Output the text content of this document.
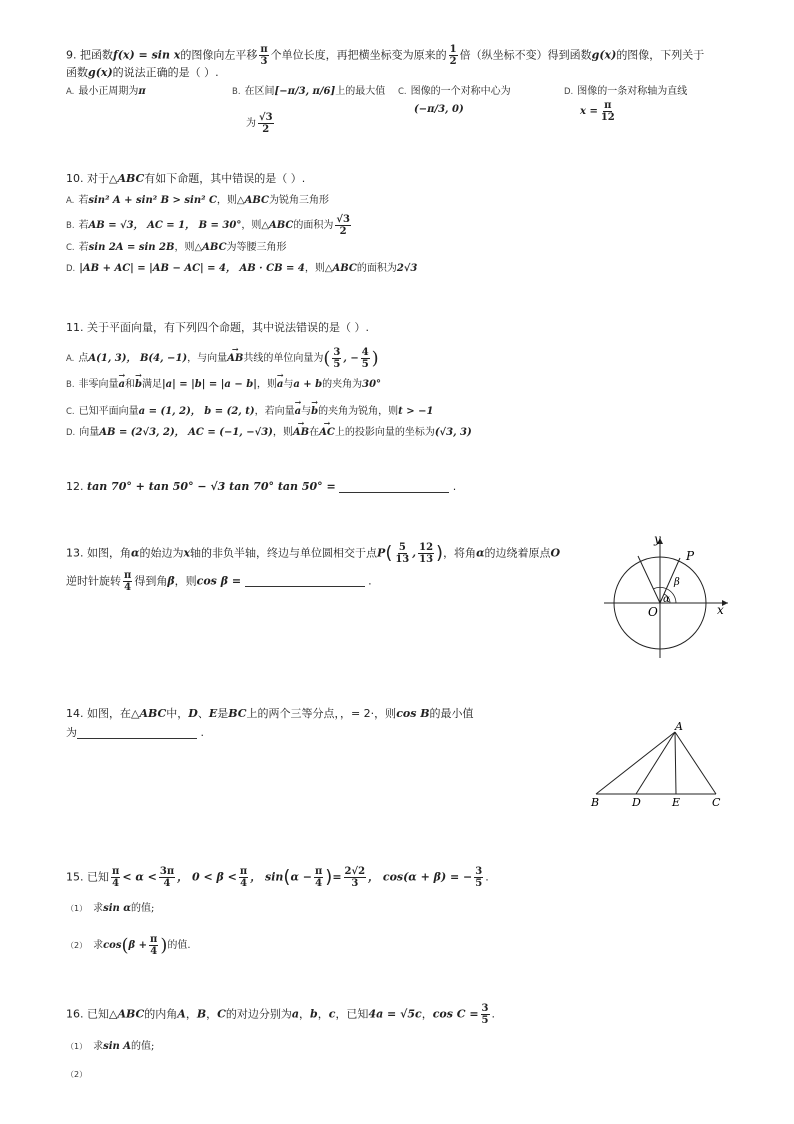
9. 把函数f(x) = sin x的图像向左平移 $\frac{\pi}{3}$ 个单位长度，再把横坐标变为原来的 $\frac{1}{2}$ 倍（纵坐标不变）得到函数g(x)的图像，下列关于
函数g(x)的说法正确的是（ ）.
A. 最小正周期为π	B. 在区间[−π/3, π/6]上的最大值
为 $\frac{√3}{2}$
C. 图像的一个对称中心为
(−π/3, 0)
D. 图像的一条对称轴为直线
$x = \frac{\pi}{12}$
10. 对于△ABC有如下命题，其中错误的是（ ）.
A. 若sin² A + sin² B > sin² C，则△ABC为锐角三角形
B. 若AB = √3， AC = 1， B = 30°，则△ABC的面积为 $\frac{√3}{2}$
C. 若sin 2A = sin 2B，则△ABC为等腰三角形
D. |AB + AC| = |AB − AC| = 4， AB · CB = 4，则△ABC的面积为2√3
11. 关于平面向量，有下列四个命题，其中说法错误的是（ ）.
A. 点A(1, 3)， B(4, −1)，与向量→ AB共线的单位向量为( $\frac{3}{5}$ , − $\frac{4}{5}$ )
B. 非零向量→ a和→ b满足|a| = |b| = |a − b|，则→ a与a + b的夹角为30°
C. 已知平面向量a = (1, 2)， b = (2, t)，若向量→ a与→ b的夹角为锐角，则t > −1
D. 向量AB = (2√3, 2)， AC = (−1, −√3)，则→ AB在→ AC上的投影向量的坐标为(√3, 3)
12. tan 70° + tan 50° − √3 tan 70° tan 50° =	.
13. 如图，角α的始边为x轴的非负半轴，终边与单位圆相交于点$P( \frac{5}{13}$ , $\frac{12}{13}$ )，将角α的边绕着原点O
逆时针旋转 $\frac{\pi}{4}$ 得到角β，则cos β =	.
y
x
O
P
α
β
14. 如图，在△ABC中，D、E是BC上的两个三等分点，，= 2·，则cos B的最小值
为	.	A
B	D	E	C
15. 已知 $\frac{\pi}{4} < \alpha < \frac{3\pi}{4}$ ， $0 < \beta < \frac{\pi}{4}$ ， $\sin(\alpha - \frac{\pi}{4}$ )= $\frac{2√2}{3}$ ， cos(α + β) = − $\frac{3}{5}$ .
（1） 求sin α的值;
（2） 求$\cos(\beta + \frac{\pi}{4}$ )的值.
16. 已知△ABC的内角A，B，C的对边分别为a，b，c，已知4a = √5c，$\cos C = \frac{3}{5}$ .
（1） 求sin A的值;
（2）
